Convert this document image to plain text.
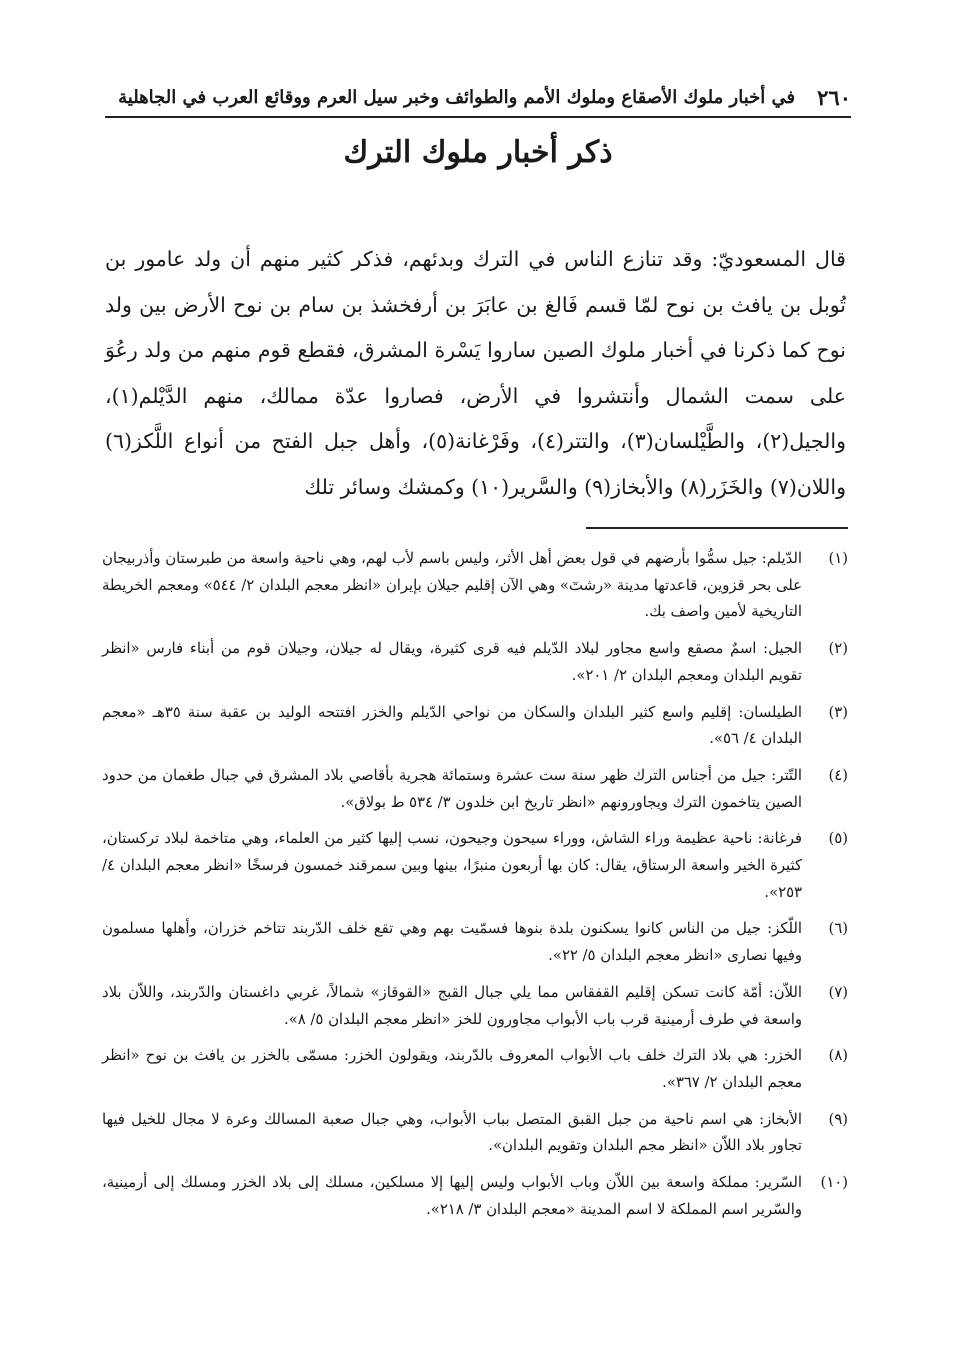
٢٦٠
في أخبار ملوك الأصقاع وملوك الأمم والطوائف وخبر سيل العرم ووقائع العرب في الجاهلية
ذكر أخبار ملوك الترك

قال المسعوديّ: وقد تنازع الناس في الترك وبدئهم، فذكر كثير منهم أن ولد عامور بن تُوبل بن يافث بن نوح لمّا قسم فَالغ بن عابَرَ بن أرفخشذ بن سام بن نوح الأرض بين ولد نوح كما ذكرنا في أخبار ملوك الصين ساروا يَسْرة المشرق، فقطع قوم منهم من ولد رعُوَ على سمت الشمال وأنتشروا في الأرض، فصاروا عدّة ممالك، منهم الدَّيْلم(١)، والجيل(٢)، والطَّيْلسان(٣)، والتتر(٤)، وفَرْغانة(٥)، وأهل جبل الفتح من أنواع اللَّكز(٦) واللان(٧) والخَزَر(٨) والأبخاز(٩) والسَّرير(١٠) وكمشك وسائر تلك

(١)
الدّيلم: جيل سمُّوا بأرضهم في قول بعض أهل الأثر، وليس باسم لأب لهم، وهي ناحية واسعة من طبرستان وأذربيجان على بحر قزوين، قاعدتها مدينة «رشتٓ» وهي الآن إقليم جيلان بإيران «انظر معجم البلدان ٢/ ٥٤٤» ومعجم الخريطة التاريخية لأمين واصف بك.
(٢)
الجيل: اسمٌ مصقع واسع مجاور لبلاد الدّيلم فيه قرى كثيرة، ويقال له جيلان، وجيلان قوم من أبناء فارس «انظر تقويم البلدان ومعجم البلدان ٢/ ٢٠١».
(٣)
الطيلسان: إقليم واسع كثير البلدان والسكان من نواحي الدّيلم والخزر افتتحه الوليد بن عقبة سنة ٣٥هـ «معجم البلدان ٤/ ٥٦».
(٤)
التّتر: جيل من أجناس الترك ظهر سنة ست عشرة وستمائة هجرية بأقاصي بلاد المشرق في جبال طغمان من حدود الصين يتاخمون الترك ويجاورونهم «انظر تاريخ ابن خلدون ٣/ ٥٣٤ ط بولاق».
(٥)
فرغانة: ناحية عظيمة وراء الشاش، ووراء سيحون وجيحون، نسب إليها كثير من العلماء، وهي متاخمة لبلاد تركستان، كثيرة الخير واسعة الرستاق، يقال: كان بها أربعون منبرًا، بينها وبين سمرقند خمسون فرسخًا «انظر معجم البلدان ٤/ ٢٥٣».
(٦)
اللّكز: جيل من الناس كانوا يسكنون بلدة بنوها فسمّيت بهم وهي تقع خلف الدّربند تتاخم خزران، وأهلها مسلمون وفيها نصارى «انظر معجم البلدان ٥/ ٢٢».
(٧)
اللاّن: أمّة كانت تسكن إقليم القفقاس مما يلي جبال القبج «القوقاز» شمالاً، غربي داغستان والدّربند، واللاّن بلاد واسعة في طرف أرمينية قرب باب الأبواب مجاورون للخز «انظر معجم البلدان ٥/ ٨».
(٨)
الخزر: هي بلاد الترك خلف باب الأبواب المعروف بالدّربند، ويقولون الخزر: مسمّى بالخزر بن يافث بن نوح «انظر معجم البلدان ٢/ ٣٦٧».
(٩)
الأبخاز: هي اسم ناحية من جبل القبق المتصل بباب الأبواب، وهي جبال صعبة المسالك وعرة لا مجال للخيل فيها تجاور بلاد اللاّن «انظر مجم البلدان وتقويم البلدان».
(١٠)
السّرير: مملكة واسعة بين اللاّن وباب الأبواب وليس إليها إلا مسلكين، مسلك إلى بلاد الخزر ومسلك إلى أرمينية، والسّرير اسم المملكة لا اسم المدينة «معجم البلدان ٣/ ٢١٨».
